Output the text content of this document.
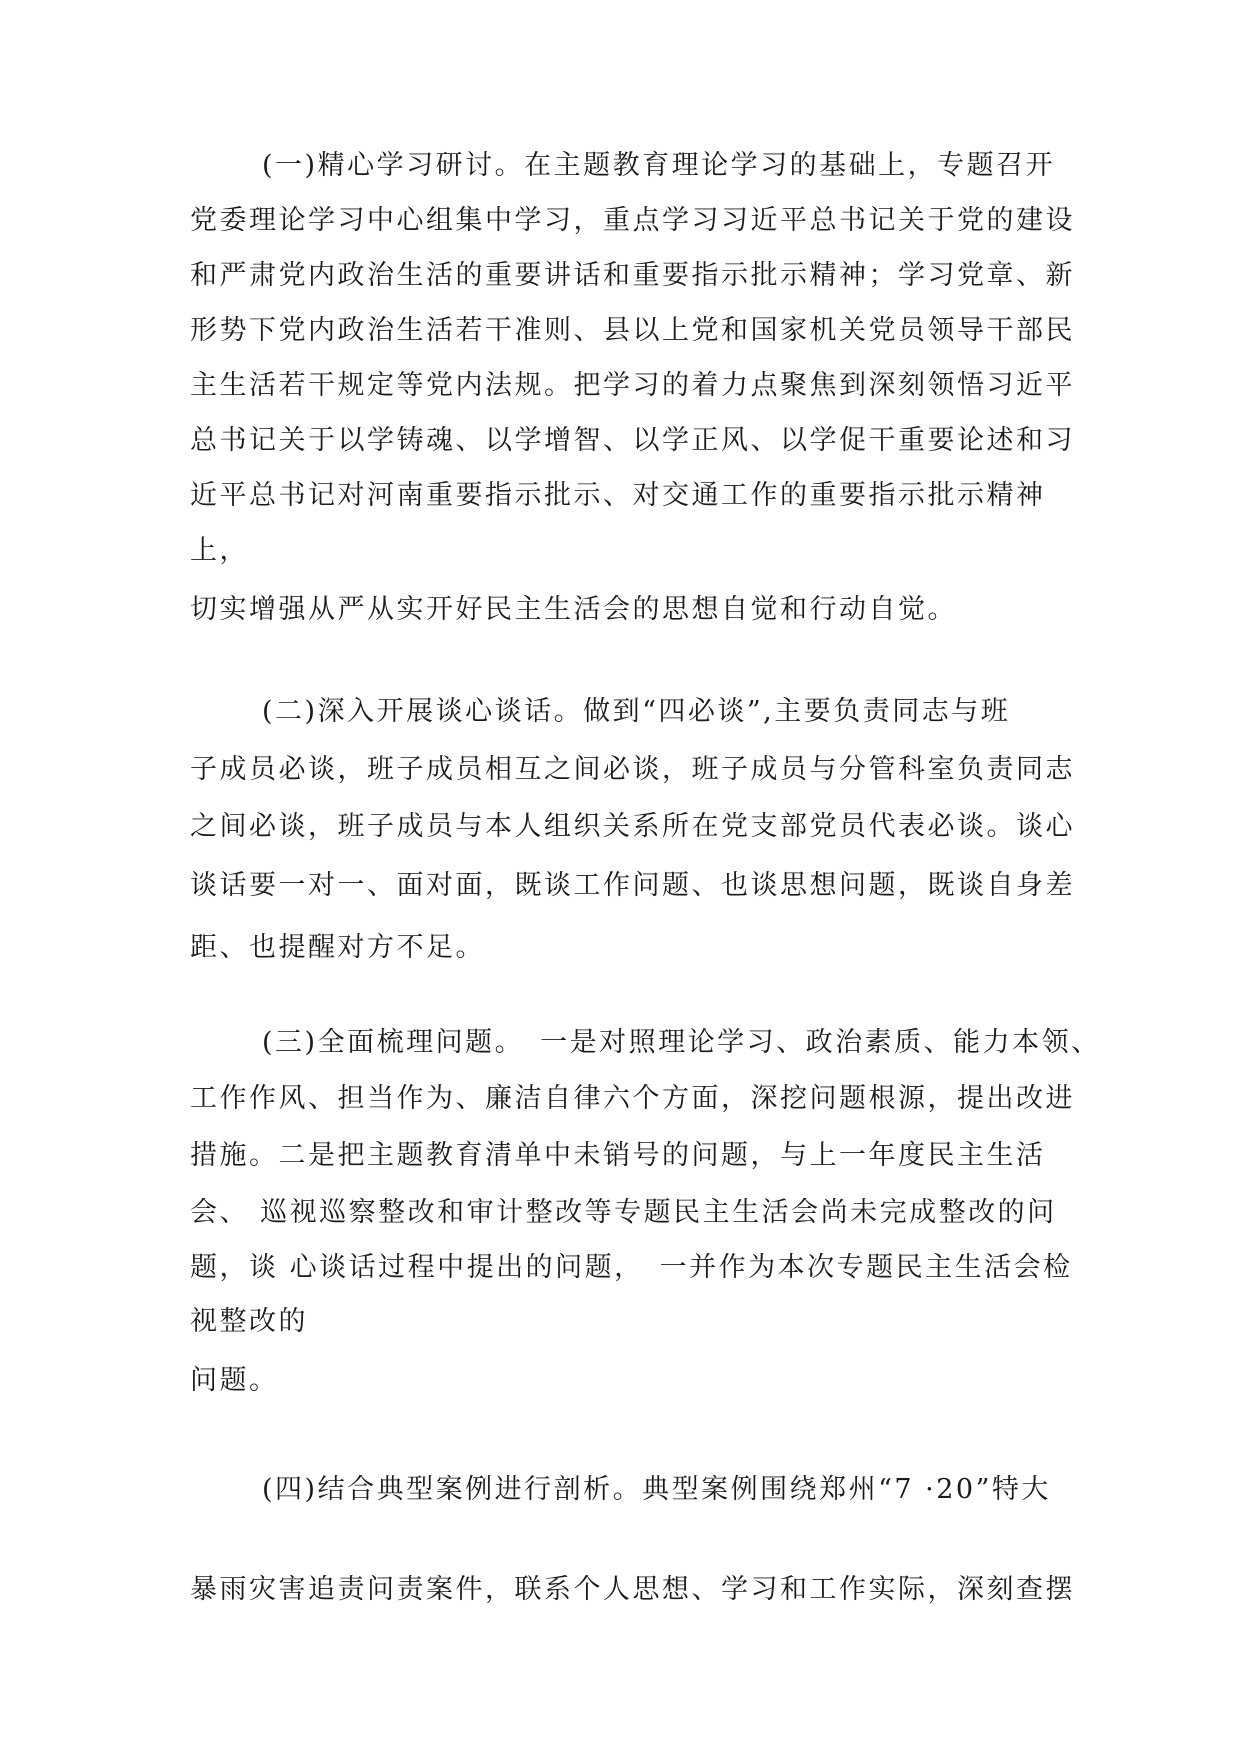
(一)精心学习研讨。在主题教育理论学习的基础上，专题召开
党委理论学习中心组集中学习，重点学习习近平总书记关于党的建设
和严肃党内政治生活的重要讲话和重要指示批示精神；学习党章、新
形势下党内政治生活若干准则、县以上党和国家机关党员领导干部民
主生活若干规定等党内法规。把学习的着力点聚焦到深刻领悟习近平
总书记关于以学铸魂、以学增智、以学正风、以学促干重要论述和习
近平总书记对河南重要指示批示、对交通工作的重要指示批示精神
上，
切实增强从严从实开好民主生活会的思想自觉和行动自觉。
(二)深入开展谈心谈话。做到“四必谈”,主要负责同志与班
子成员必谈，班子成员相互之间必谈，班子成员与分管科室负责同志
之间必谈，班子成员与本人组织关系所在党支部党员代表必谈。谈心
谈话要一对一、面对面，既谈工作问题、也谈思想问题，既谈自身差
距、也提醒对方不足。
(三)全面梳理问题。　一是对照理论学习、政治素质、能力本领、
工作作风、担当作为、廉洁自律六个方面，深挖问题根源，提出改进
措施。二是把主题教育清单中未销号的问题，与上一年度民主生活
会、 巡视巡察整改和审计整改等专题民主生活会尚未完成整改的问
题，谈 心谈话过程中提出的问题，　一并作为本次专题民主生活会检
视整改的
问题。
(四)结合典型案例进行剖析。典型案例围绕郑州“7 ·20”特大
暴雨灾害追责问责案件，联系个人思想、学习和工作实际，深刻查摆
